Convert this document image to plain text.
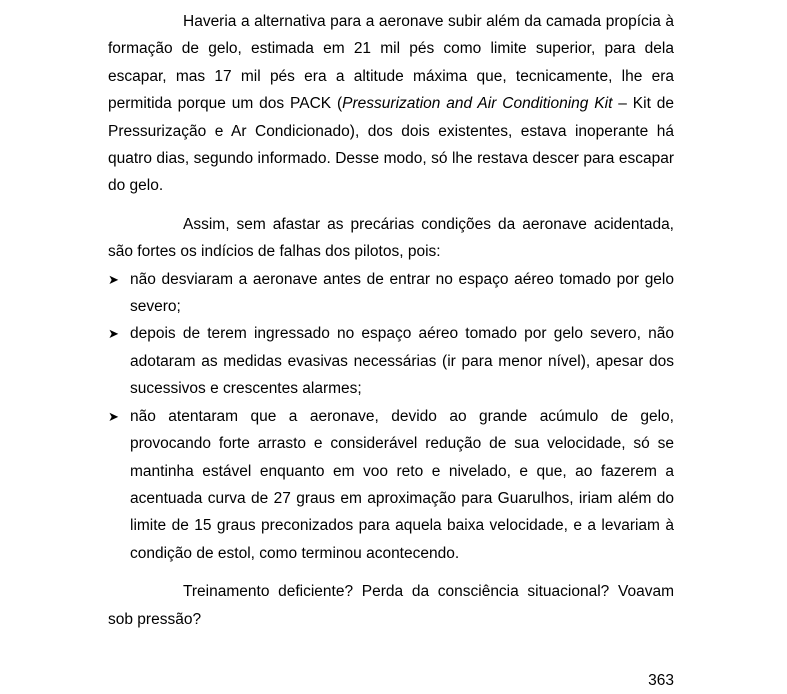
Haveria a alternativa para a aeronave subir além da camada propícia à formação de gelo, estimada em 21 mil pés como limite superior, para dela escapar, mas 17 mil pés era a altitude máxima que, tecnicamente, lhe era permitida porque um dos PACK (Pressurization and Air Conditioning Kit – Kit de Pressurização e Ar Condicionado), dos dois existentes, estava inoperante há quatro dias, segundo informado. Desse modo, só lhe restava descer para escapar do gelo.

Assim, sem afastar as precárias condições da aeronave acidentada, são fortes os indícios de falhas dos pilotos, pois:

➤ não desviaram a aeronave antes de entrar no espaço aéreo tomado por gelo severo;
➤ depois de terem ingressado no espaço aéreo tomado por gelo severo, não adotaram as medidas evasivas necessárias (ir para menor nível), apesar dos sucessivos e crescentes alarmes;
➤ não atentaram que a aeronave, devido ao grande acúmulo de gelo, provocando forte arrasto e considerável redução de sua velocidade, só se mantinha estável enquanto em voo reto e nivelado, e que, ao fazerem a acentuada curva de 27 graus em aproximação para Guarulhos, iriam além do limite de 15 graus preconizados para aquela baixa velocidade, e a levariam à condição de estol, como terminou acontecendo.

Treinamento deficiente? Perda da consciência situacional? Voavam sob pressão?

363
